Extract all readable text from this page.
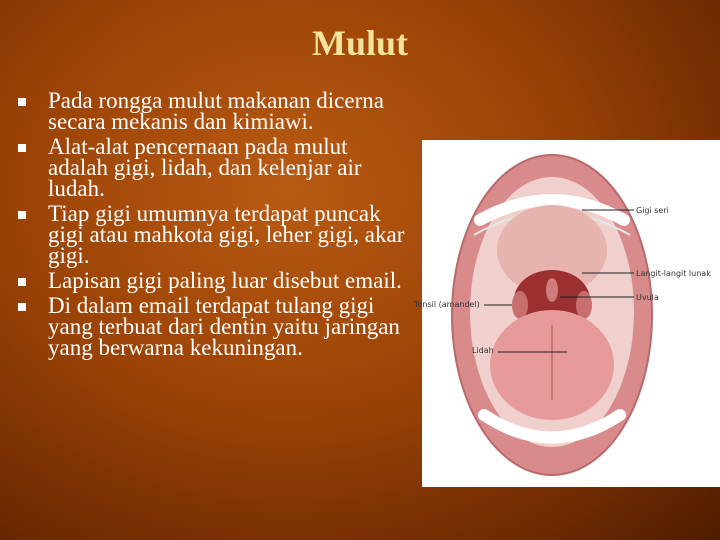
Mulut
Pada rongga mulut makanan dicerna secara mekanis dan kimiawi.
Alat-alat pencernaan pada mulut adalah gigi, lidah, dan kelenjar air ludah.
Tiap gigi umumnya terdapat puncak gigi atau mahkota gigi, leher gigi, akar gigi.
Lapisan gigi paling luar disebut email.
Di dalam email terdapat tulang gigi yang terbuat dari dentin yaitu jaringan yang berwarna kekuningan.
Gigi seri
Langit-langit lunak
Uvula
Tonsil (amandel)
Lidah
